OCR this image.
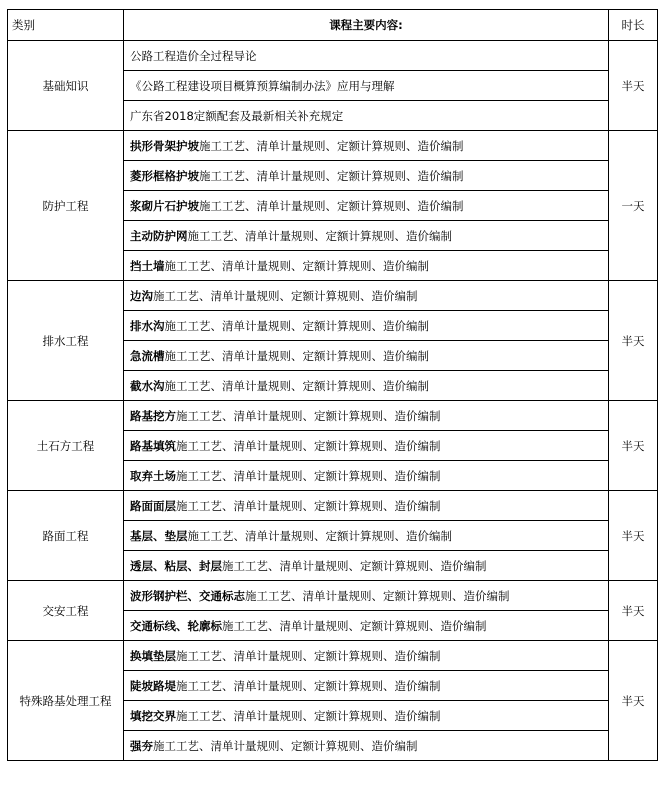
类别	课程主要内容:	时长
基础知识	公路工程造价全过程导论	半天
	《公路工程建设项目概算预算编制办法》应用与理解	
	广东省2018定额配套及最新相关补充规定	
防护工程	拱形骨架护坡施工工艺、清单计量规则、定额计算规则、造价编制	一天
	菱形框格护坡施工工艺、清单计量规则、定额计算规则、造价编制	
	浆砌片石护坡施工工艺、清单计量规则、定额计算规则、造价编制	
	主动防护网施工工艺、清单计量规则、定额计算规则、造价编制	
	挡土墙施工工艺、清单计量规则、定额计算规则、造价编制	
排水工程	边沟施工工艺、清单计量规则、定额计算规则、造价编制	半天
	排水沟施工工艺、清单计量规则、定额计算规则、造价编制	
	急流槽施工工艺、清单计量规则、定额计算规则、造价编制	
	截水沟施工工艺、清单计量规则、定额计算规则、造价编制	
土石方工程	路基挖方施工工艺、清单计量规则、定额计算规则、造价编制	半天
	路基填筑施工工艺、清单计量规则、定额计算规则、造价编制	
	取弃土场施工工艺、清单计量规则、定额计算规则、造价编制	
路面工程	路面面层施工工艺、清单计量规则、定额计算规则、造价编制	半天
	基层、垫层施工工艺、清单计量规则、定额计算规则、造价编制	
	透层、粘层、封层施工工艺、清单计量规则、定额计算规则、造价编制	
交安工程	波形钢护栏、交通标志施工工艺、清单计量规则、定额计算规则、造价编制	半天
	交通标线、轮廓标施工工艺、清单计量规则、定额计算规则、造价编制	
特殊路基处理工程	换填垫层施工工艺、清单计量规则、定额计算规则、造价编制	半天
	陡坡路堤施工工艺、清单计量规则、定额计算规则、造价编制	
	填挖交界施工工艺、清单计量规则、定额计算规则、造价编制	
	强夯施工工艺、清单计量规则、定额计算规则、造价编制	
